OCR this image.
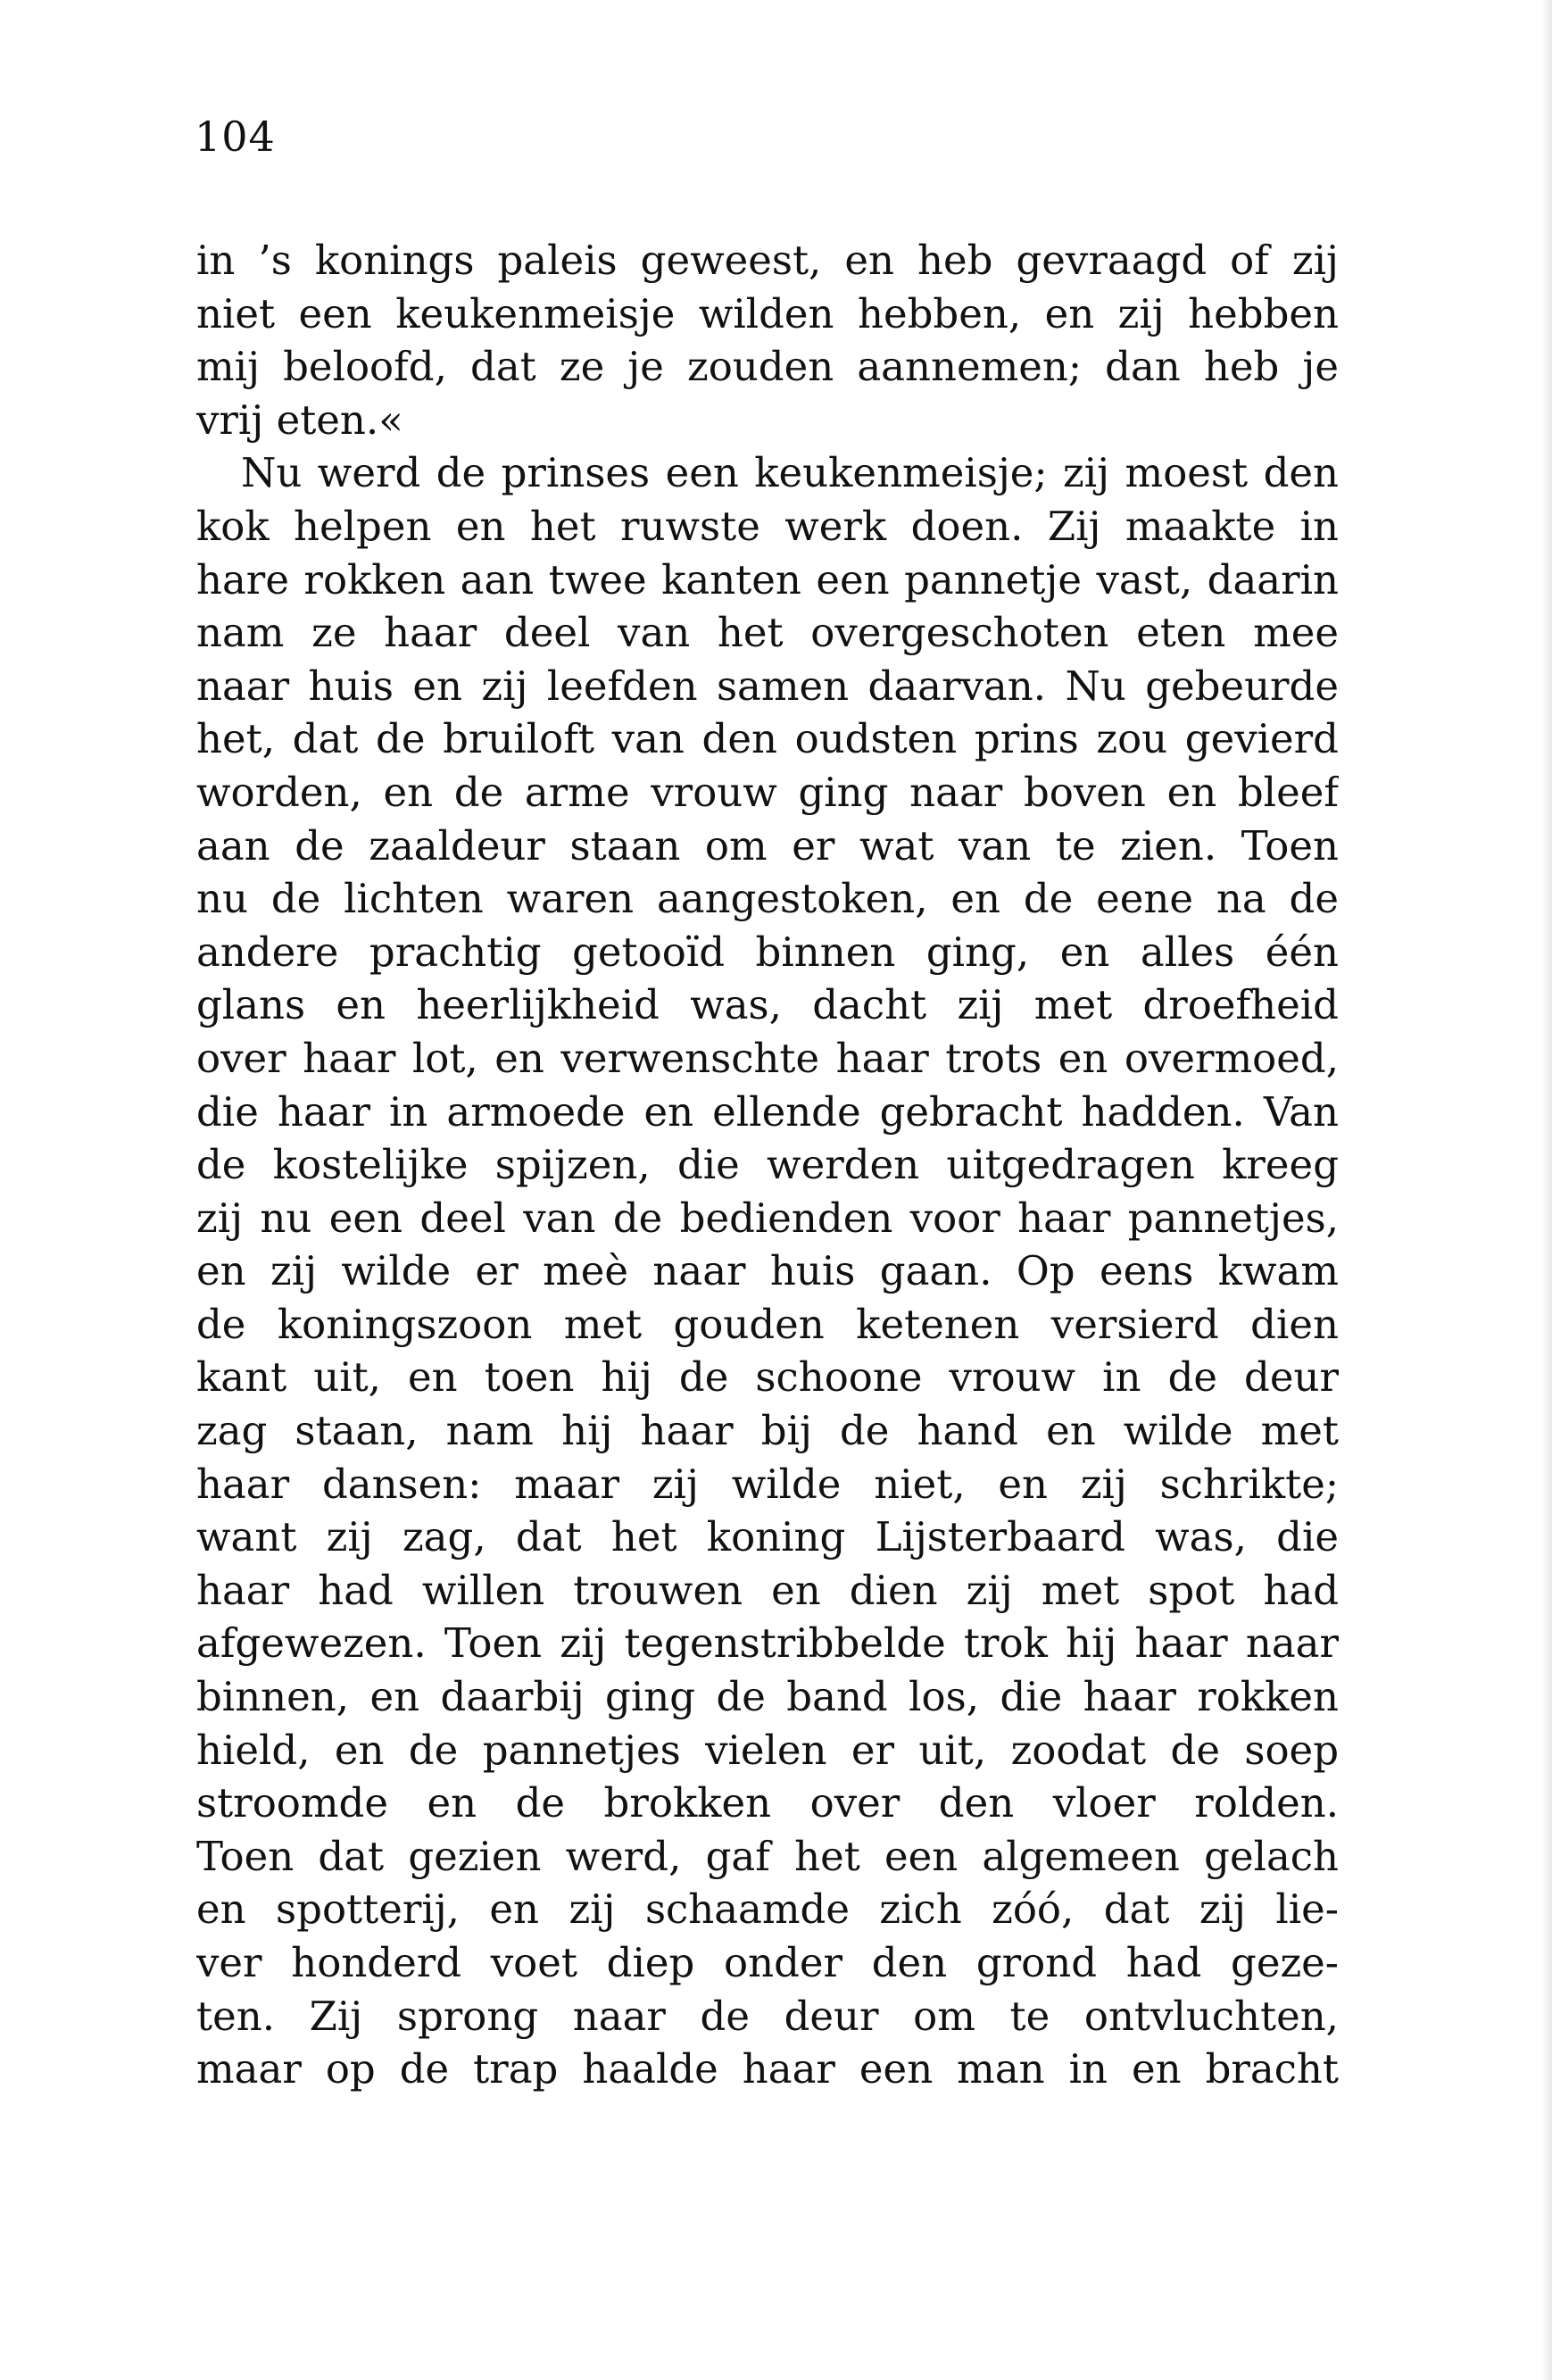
104
in ’s konings paleis geweest, en heb gevraagd of zij
niet een keukenmeisje wilden hebben, en zij hebben
mij beloofd, dat ze je zouden aannemen; dan heb je
vrij eten.«
Nu werd de prinses een keukenmeisje; zij moest den
kok helpen en het ruwste werk doen. Zij maakte in
hare rokken aan twee kanten een pannetje vast, daarin
nam ze haar deel van het overgeschoten eten mee
naar huis en zij leefden samen daarvan. Nu gebeurde
het, dat de bruiloft van den oudsten prins zou gevierd
worden, en de arme vrouw ging naar boven en bleef
aan de zaaldeur staan om er wat van te zien. Toen
nu de lichten waren aangestoken, en de eene na de
andere prachtig getooïd binnen ging, en alles één
glans en heerlijkheid was, dacht zij met droefheid
over haar lot, en verwenschte haar trots en overmoed,
die haar in armoede en ellende gebracht hadden. Van
de kostelijke spijzen, die werden uitgedragen kreeg
zij nu een deel van de bedienden voor haar pannetjes,
en zij wilde er meè naar huis gaan. Op eens kwam
de koningszoon met gouden ketenen versierd dien
kant uit, en toen hij de schoone vrouw in de deur
zag staan, nam hij haar bij de hand en wilde met
haar dansen: maar zij wilde niet, en zij schrikte;
want zij zag, dat het koning Lijsterbaard was, die
haar had willen trouwen en dien zij met spot had
afgewezen. Toen zij tegenstribbelde trok hij haar naar
binnen, en daarbij ging de band los, die haar rokken
hield, en de pannetjes vielen er uit, zoodat de soep
stroomde en de brokken over den vloer rolden.
Toen dat gezien werd, gaf het een algemeen gelach
en spotterij, en zij schaamde zich zóó, dat zij lie-
ver honderd voet diep onder den grond had geze-
ten. Zij sprong naar de deur om te ontvluchten,
maar op de trap haalde haar een man in en bracht
